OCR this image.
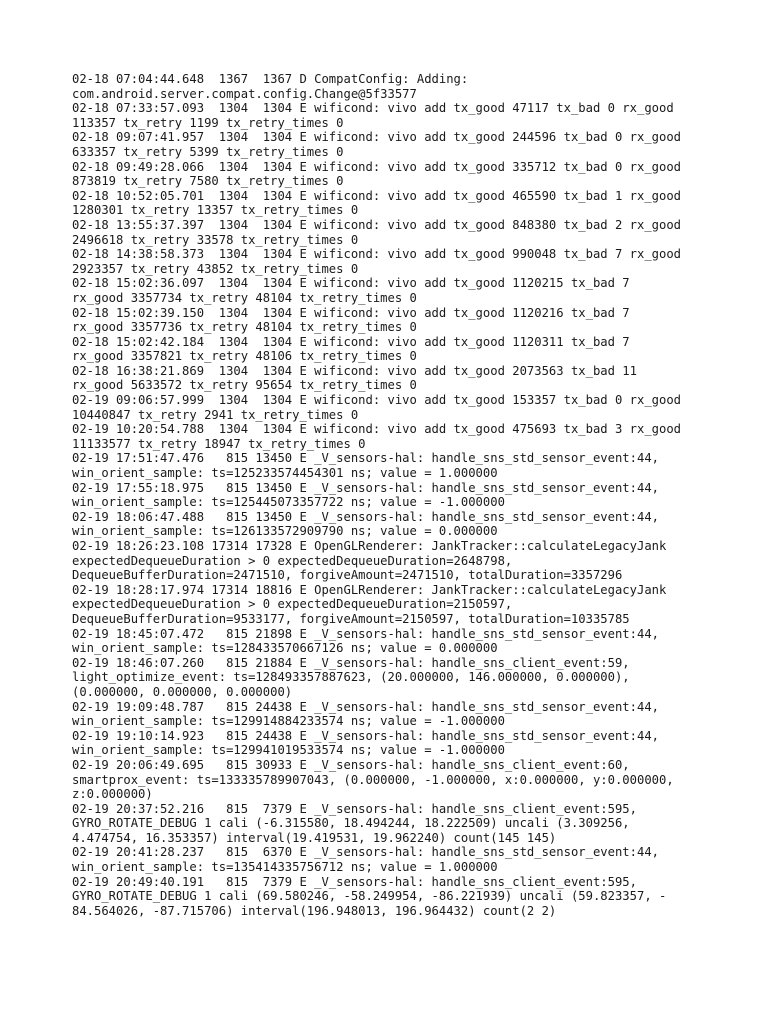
02-18 07:04:44.648  1367  1367 D CompatConfig: Adding:

com.android.server.compat.config.Change@5f33577

02-18 07:33:57.093  1304  1304 E wificond: vivo add tx_good 47117 tx_bad 0 rx_good

113357 tx_retry 1199 tx_retry_times 0

02-18 09:07:41.957  1304  1304 E wificond: vivo add tx_good 244596 tx_bad 0 rx_good

633357 tx_retry 5399 tx_retry_times 0

02-18 09:49:28.066  1304  1304 E wificond: vivo add tx_good 335712 tx_bad 0 rx_good

873819 tx_retry 7580 tx_retry_times 0

02-18 10:52:05.701  1304  1304 E wificond: vivo add tx_good 465590 tx_bad 1 rx_good

1280301 tx_retry 13357 tx_retry_times 0

02-18 13:55:37.397  1304  1304 E wificond: vivo add tx_good 848380 tx_bad 2 rx_good

2496618 tx_retry 33578 tx_retry_times 0

02-18 14:38:58.373  1304  1304 E wificond: vivo add tx_good 990048 tx_bad 7 rx_good

2923357 tx_retry 43852 tx_retry_times 0

02-18 15:02:36.097  1304  1304 E wificond: vivo add tx_good 1120215 tx_bad 7

rx_good 3357734 tx_retry 48104 tx_retry_times 0

02-18 15:02:39.150  1304  1304 E wificond: vivo add tx_good 1120216 tx_bad 7

rx_good 3357736 tx_retry 48104 tx_retry_times 0

02-18 15:02:42.184  1304  1304 E wificond: vivo add tx_good 1120311 tx_bad 7

rx_good 3357821 tx_retry 48106 tx_retry_times 0

02-18 16:38:21.869  1304  1304 E wificond: vivo add tx_good 2073563 tx_bad 11

rx_good 5633572 tx_retry 95654 tx_retry_times 0

02-19 09:06:57.999  1304  1304 E wificond: vivo add tx_good 153357 tx_bad 0 rx_good

10440847 tx_retry 2941 tx_retry_times 0

02-19 10:20:54.788  1304  1304 E wificond: vivo add tx_good 475693 tx_bad 3 rx_good

11133577 tx_retry 18947 tx_retry_times 0

02-19 17:51:47.476   815 13450 E _V_sensors-hal: handle_sns_std_sensor_event:44,

win_orient_sample: ts=125233574454301 ns; value = 1.000000

02-19 17:55:18.975   815 13450 E _V_sensors-hal: handle_sns_std_sensor_event:44,

win_orient_sample: ts=125445073357722 ns; value = -1.000000

02-19 18:06:47.488   815 13450 E _V_sensors-hal: handle_sns_std_sensor_event:44,

win_orient_sample: ts=126133572909790 ns; value = 0.000000

02-19 18:26:23.108 17314 17328 E OpenGLRenderer: JankTracker::calculateLegacyJank

expectedDequeueDuration > 0 expectedDequeueDuration=2648798,

DequeueBufferDuration=2471510, forgiveAmount=2471510, totalDuration=3357296

02-19 18:28:17.974 17314 18816 E OpenGLRenderer: JankTracker::calculateLegacyJank

expectedDequeueDuration > 0 expectedDequeueDuration=2150597,

DequeueBufferDuration=9533177, forgiveAmount=2150597, totalDuration=10335785

02-19 18:45:07.472   815 21898 E _V_sensors-hal: handle_sns_std_sensor_event:44,

win_orient_sample: ts=128433570667126 ns; value = 0.000000

02-19 18:46:07.260   815 21884 E _V_sensors-hal: handle_sns_client_event:59,

light_optimize_event: ts=128493357887623, (20.000000, 146.000000, 0.000000),

(0.000000, 0.000000, 0.000000)

02-19 19:09:48.787   815 24438 E _V_sensors-hal: handle_sns_std_sensor_event:44,

win_orient_sample: ts=129914884233574 ns; value = -1.000000

02-19 19:10:14.923   815 24438 E _V_sensors-hal: handle_sns_std_sensor_event:44,

win_orient_sample: ts=129941019533574 ns; value = -1.000000

02-19 20:06:49.695   815 30933 E _V_sensors-hal: handle_sns_client_event:60,

smartprox_event: ts=133335789907043, (0.000000, -1.000000, x:0.000000, y:0.000000,

z:0.000000)

02-19 20:37:52.216   815  7379 E _V_sensors-hal: handle_sns_client_event:595,

GYRO_ROTATE_DEBUG 1 cali (-6.315580, 18.494244, 18.222509) uncali (3.309256,

4.474754, 16.353357) interval(19.419531, 19.962240) count(145 145)

02-19 20:41:28.237   815  6370 E _V_sensors-hal: handle_sns_std_sensor_event:44,

win_orient_sample: ts=135414335756712 ns; value = 1.000000

02-19 20:49:40.191   815  7379 E _V_sensors-hal: handle_sns_client_event:595,

GYRO_ROTATE_DEBUG 1 cali (69.580246, -58.249954, -86.221939) uncali (59.823357, -

84.564026, -87.715706) interval(196.948013, 196.964432) count(2 2)
